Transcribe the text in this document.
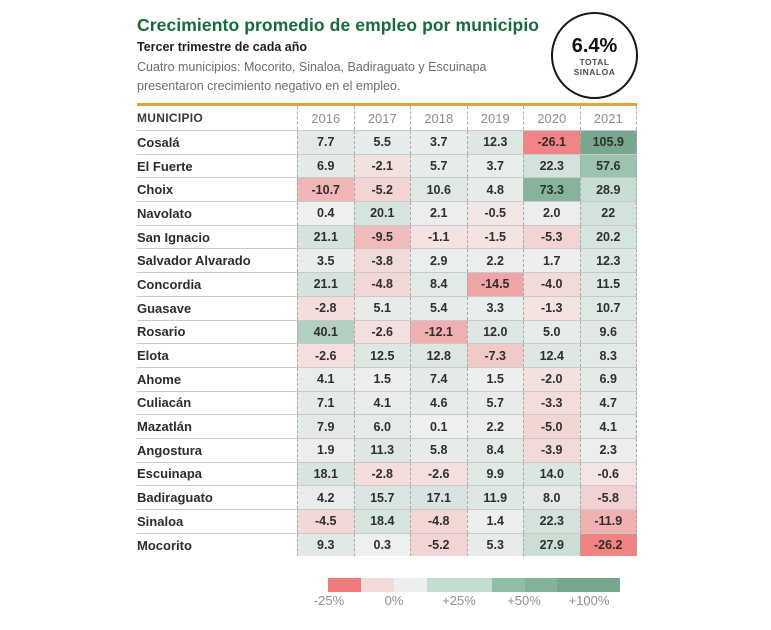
Crecimiento promedio de empleo por municipio
Tercer trimestre de cada año
Cuatro municipios: Mocorito, Sinaloa, Badiraguato y Escuinapa presentaron crecimiento negativo en el empleo.
6.4%
TOTAL
SINALOA
MUNICIPIO	2016	2017	2018	2019	2020	2021
Cosalá	7.7	5.5	3.7	12.3	-26.1	105.9
El Fuerte	6.9	-2.1	5.7	3.7	22.3	57.6
Choix	-10.7	-5.2	10.6	4.8	73.3	28.9
Navolato	0.4	20.1	2.1	-0.5	2.0	22
San Ignacio	21.1	-9.5	-1.1	-1.5	-5.3	20.2
Salvador Alvarado	3.5	-3.8	2.9	2.2	1.7	12.3
Concordia	21.1	-4.8	8.4	-14.5	-4.0	11.5
Guasave	-2.8	5.1	5.4	3.3	-1.3	10.7
Rosario	40.1	-2.6	-12.1	12.0	5.0	9.6
Elota	-2.6	12.5	12.8	-7.3	12.4	8.3
Ahome	4.1	1.5	7.4	1.5	-2.0	6.9
Culiacán	7.1	4.1	4.6	5.7	-3.3	4.7
Mazatlán	7.9	6.0	0.1	2.2	-5.0	4.1
Angostura	1.9	11.3	5.8	8.4	-3.9	2.3
Escuinapa	18.1	-2.8	-2.6	9.9	14.0	-0.6
Badiraguato	4.2	15.7	17.1	11.9	8.0	-5.8
Sinaloa	-4.5	18.4	-4.8	1.4	22.3	-11.9
Mocorito	9.3	0.3	-5.2	5.3	27.9	-26.2
-25%	0%	+25%	+50%	+100%
